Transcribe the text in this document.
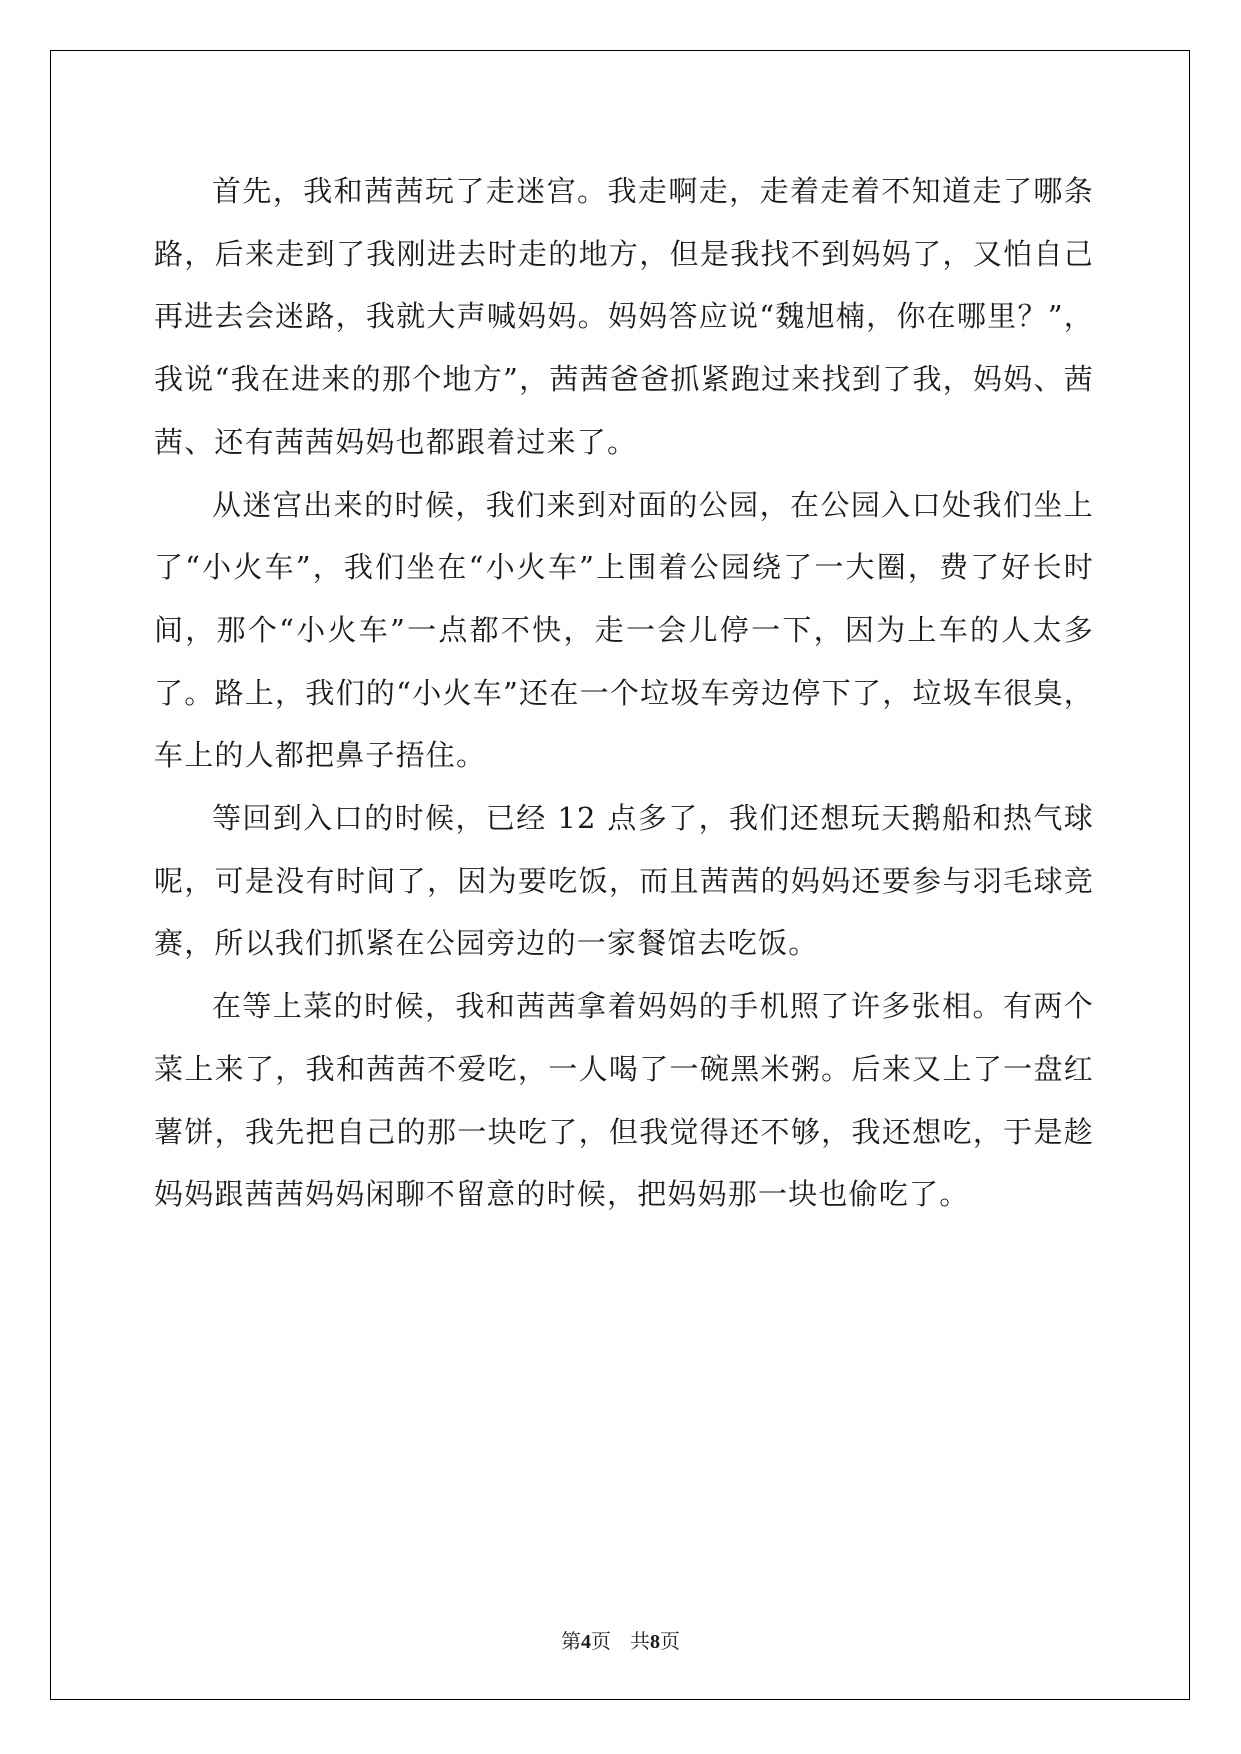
首先，我和茜茜玩了走迷宫。我走啊走，走着走着不知道走了哪条路，后来走到了我刚进去时走的地方，但是我找不到妈妈了，又怕自己再进去会迷路，我就大声喊妈妈。妈妈答应说“魏旭楠，你在哪里？”，我说“我在进来的那个地方”，茜茜爸爸抓紧跑过来找到了我，妈妈、茜茜、还有茜茜妈妈也都跟着过来了。

从迷宫出来的时候，我们来到对面的公园，在公园入口处我们坐上了“小火车”，我们坐在“小火车”上围着公园绕了一大圈，费了好长时间，那个“小火车”一点都不快，走一会儿停一下，因为上车的人太多了。路上，我们的“小火车”还在一个垃圾车旁边停下了，垃圾车很臭，车上的人都把鼻子捂住。

等回到入口的时候，已经 12 点多了，我们还想玩天鹅船和热气球呢，可是没有时间了，因为要吃饭，而且茜茜的妈妈还要参与羽毛球竞赛，所以我们抓紧在公园旁边的一家餐馆去吃饭。

在等上菜的时候，我和茜茜拿着妈妈的手机照了许多张相。有两个菜上来了，我和茜茜不爱吃，一人喝了一碗黑米粥。后来又上了一盘红薯饼，我先把自己的那一块吃了，但我觉得还不够，我还想吃，于是趁妈妈跟茜茜妈妈闲聊不留意的时候，把妈妈那一块也偷吃了。

第4页 共8页
